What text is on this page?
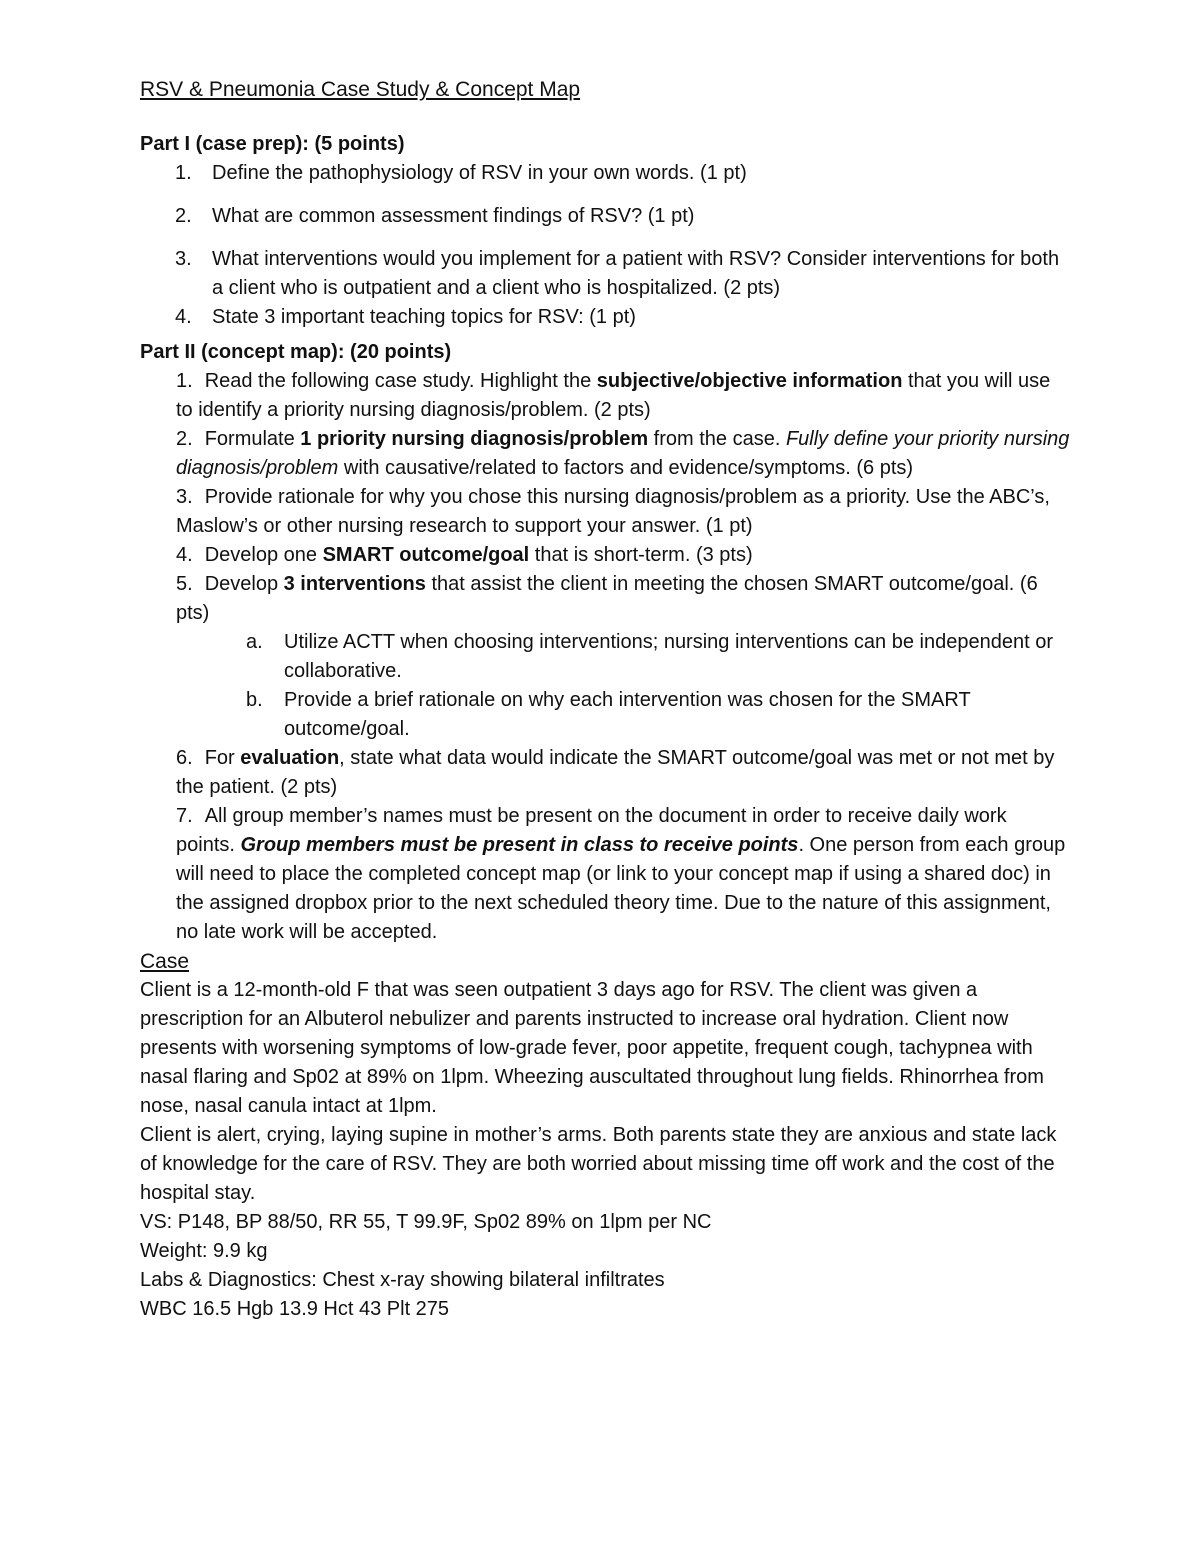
RSV & Pneumonia Case Study & Concept Map

Part I (case prep): (5 points)

1. Define the pathophysiology of RSV in your own words. (1 pt)
2. What are common assessment findings of RSV? (1 pt)
3. What interventions would you implement for a patient with RSV? Consider interventions for both a client who is outpatient and a client who is hospitalized. (2 pts)
4. State 3 important teaching topics for RSV: (1 pt)

Part II (concept map): (20 points)

1. Read the following case study. Highlight the subjective/objective information that you will use to identify a priority nursing diagnosis/problem. (2 pts)
2. Formulate 1 priority nursing diagnosis/problem from the case. Fully define your priority nursing diagnosis/problem with causative/related to factors and evidence/symptoms. (6 pts)
3. Provide rationale for why you chose this nursing diagnosis/problem as a priority. Use the ABC’s, Maslow’s or other nursing research to support your answer. (1 pt)
4. Develop one SMART outcome/goal that is short-term. (3 pts)
5. Develop 3 interventions that assist the client in meeting the chosen SMART outcome/goal. (6 pts)
a.	Utilize ACTT when choosing interventions; nursing interventions can be independent or collaborative.
b.	Provide a brief rationale on why each intervention was chosen for the SMART outcome/goal.
6. For evaluation, state what data would indicate the SMART outcome/goal was met or not met by the patient. (2 pts)
7. All group member’s names must be present on the document in order to receive daily work points. Group members must be present in class to receive points. One person from each group will need to place the completed concept map (or link to your concept map if using a shared doc) in the assigned dropbox prior to the next scheduled theory time. Due to the nature of this assignment, no late work will be accepted.

Case

Client is a 12-month-old F that was seen outpatient 3 days ago for RSV. The client was given a prescription for an Albuterol nebulizer and parents instructed to increase oral hydration. Client now presents with worsening symptoms of low-grade fever, poor appetite, frequent cough, tachypnea with nasal flaring and Sp02 at 89% on 1lpm. Wheezing auscultated throughout lung fields. Rhinorrhea from nose, nasal canula intact at 1lpm.

Client is alert, crying, laying supine in mother’s arms. Both parents state they are anxious and state lack of knowledge for the care of RSV. They are both worried about missing time off work and the cost of the hospital stay.

VS: P148, BP 88/50, RR 55, T 99.9F, Sp02 89% on 1lpm per NC

Weight: 9.9 kg

Labs & Diagnostics: Chest x-ray showing bilateral infiltrates

WBC 16.5 Hgb 13.9 Hct 43 Plt 275
